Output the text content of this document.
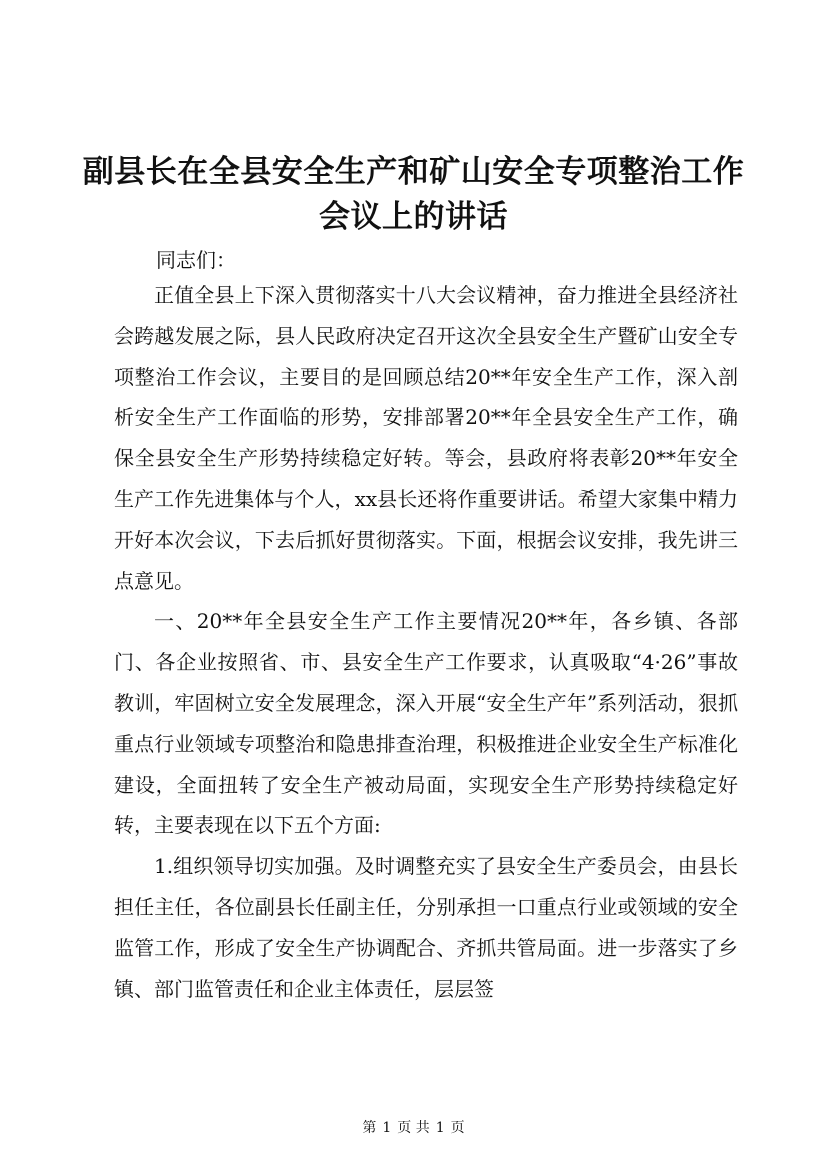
副县长在全县安全生产和矿山安全专项整治工作会议上的讲话
同志们：

正值全县上下深入贯彻落实十八大会议精神，奋力推进全县经济社会跨越发展之际，县人民政府决定召开这次全县安全生产暨矿山安全专项整治工作会议，主要目的是回顾总结20**年安全生产工作，深入剖析安全生产工作面临的形势，安排部署20**年全县安全生产工作，确保全县安全生产形势持续稳定好转。等会，县政府将表彰20**年安全生产工作先进集体与个人，xx县长还将作重要讲话。希望大家集中精力开好本次会议，下去后抓好贯彻落实。下面，根据会议安排，我先讲三点意见。

一、20**年全县安全生产工作主要情况20**年，各乡镇、各部门、各企业按照省、市、县安全生产工作要求，认真吸取“4·26”事故教训，牢固树立安全发展理念，深入开展“安全生产年”系列活动，狠抓重点行业领域专项整治和隐患排查治理，积极推进企业安全生产标准化建设，全面扭转了安全生产被动局面，实现安全生产形势持续稳定好转，主要表现在以下五个方面:

1.组织领导切实加强。及时调整充实了县安全生产委员会，由县长担任主任，各位副县长任副主任，分别承担一口重点行业或领域的安全监管工作，形成了安全生产协调配合、齐抓共管局面。进一步落实了乡镇、部门监管责任和企业主体责任，层层签

第 1 页 共 1 页
